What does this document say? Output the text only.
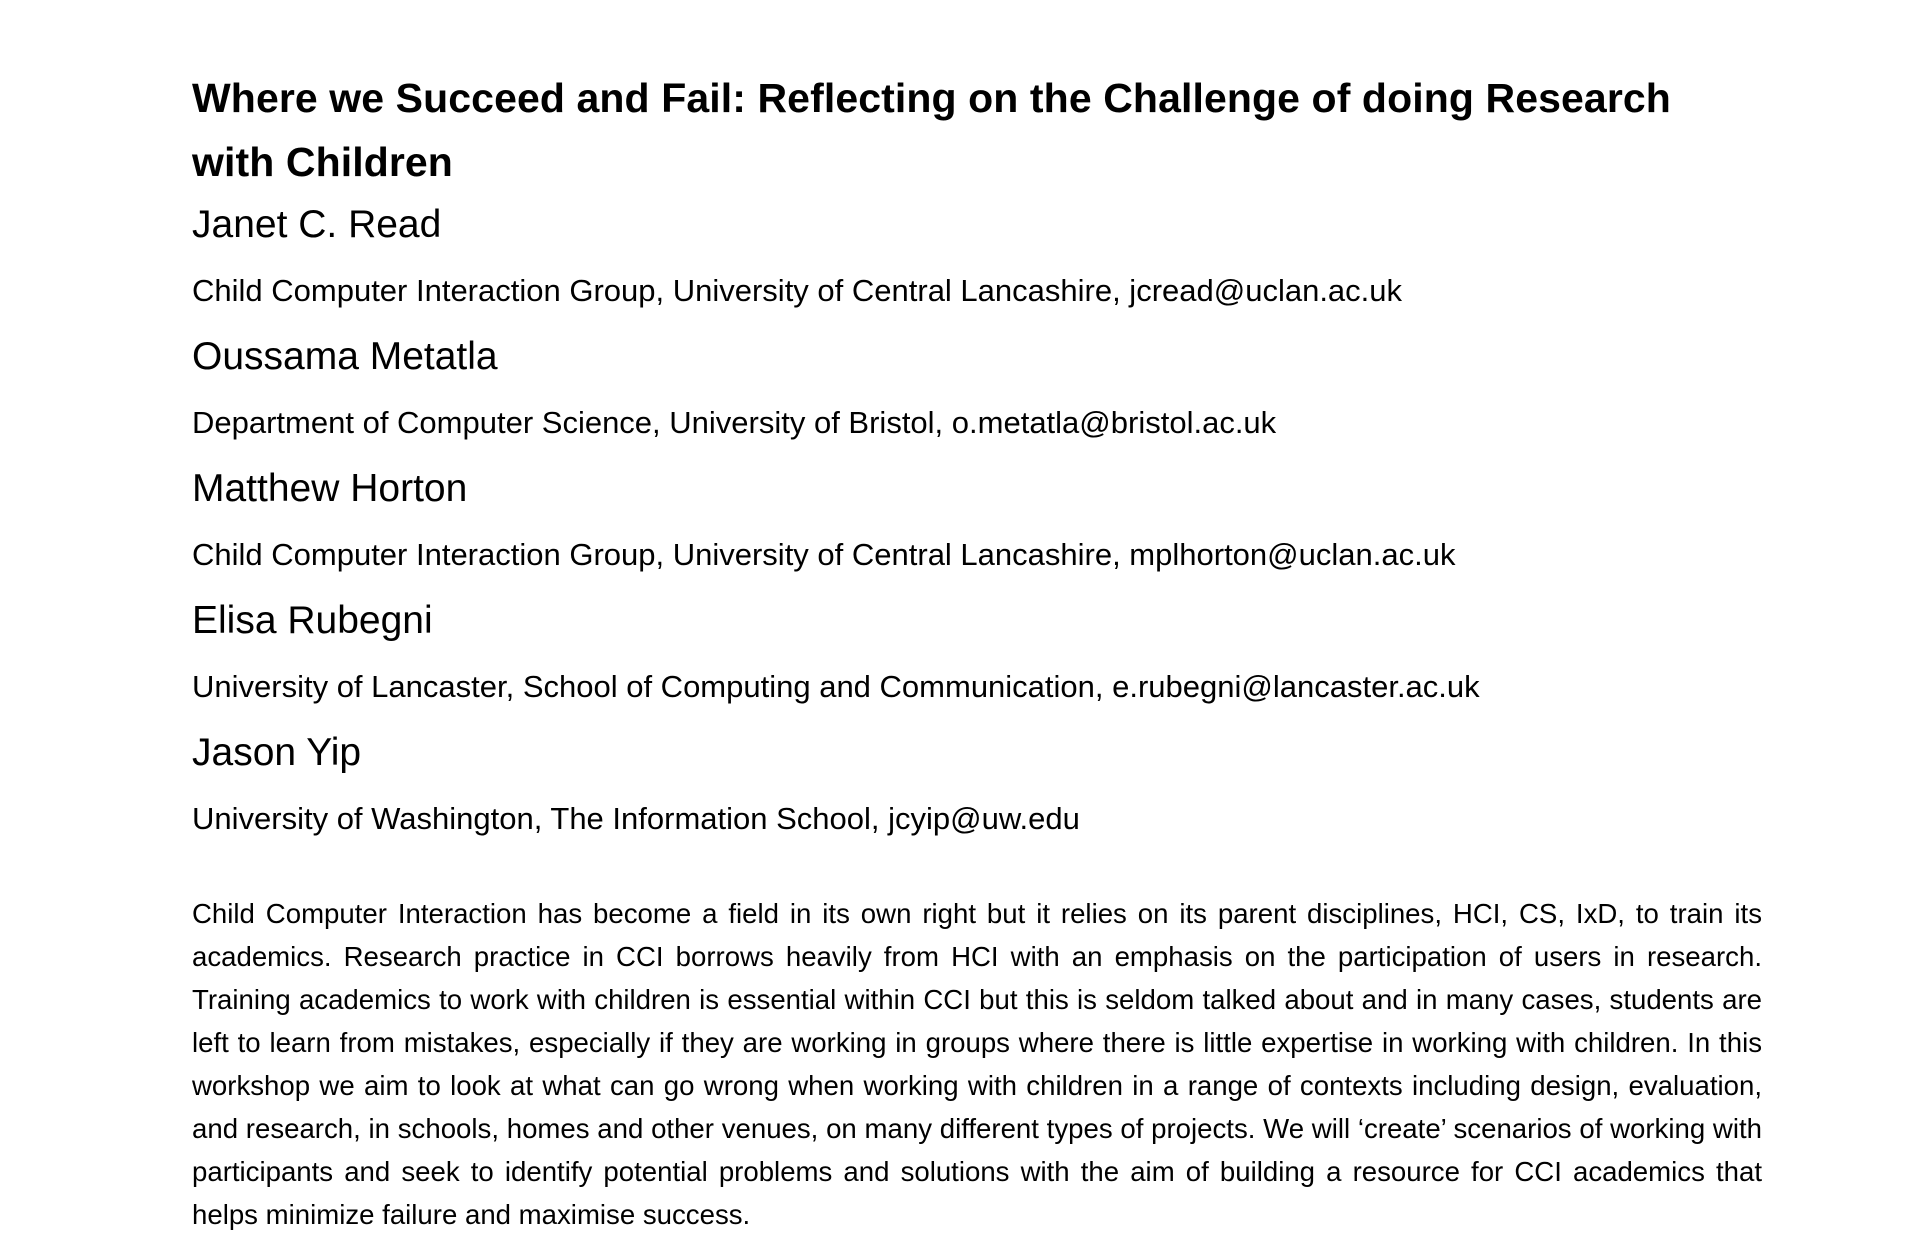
Where we Succeed and Fail: Reflecting on the Challenge of doing Research with Children
Janet C. Read

Child Computer Interaction Group, University of Central Lancashire, jcread@uclan.ac.uk

Oussama Metatla

Department of Computer Science, University of Bristol, o.metatla@bristol.ac.uk

Matthew Horton

Child Computer Interaction Group, University of Central Lancashire, mplhorton@uclan.ac.uk

Elisa Rubegni

University of Lancaster, School of Computing and Communication, e.rubegni@lancaster.ac.uk

Jason Yip

University of Washington, The Information School, jcyip@uw.edu

Child Computer Interaction has become a field in its own right but it relies on its parent disciplines, HCI, CS, IxD, to train its academics. Research practice in CCI borrows heavily from HCI with an emphasis on the participation of users in research. Training academics to work with children is essential within CCI but this is seldom talked about and in many cases, students are left to learn from mistakes, especially if they are working in groups where there is little expertise in working with children. In this workshop we aim to look at what can go wrong when working with children in a range of contexts including design, evaluation, and research, in schools, homes and other venues, on many different types of projects. We will ‘create’ scenarios of working with participants and seek to identify potential problems and solutions with the aim of building a resource for CCI academics that helps minimize failure and maximise success.
